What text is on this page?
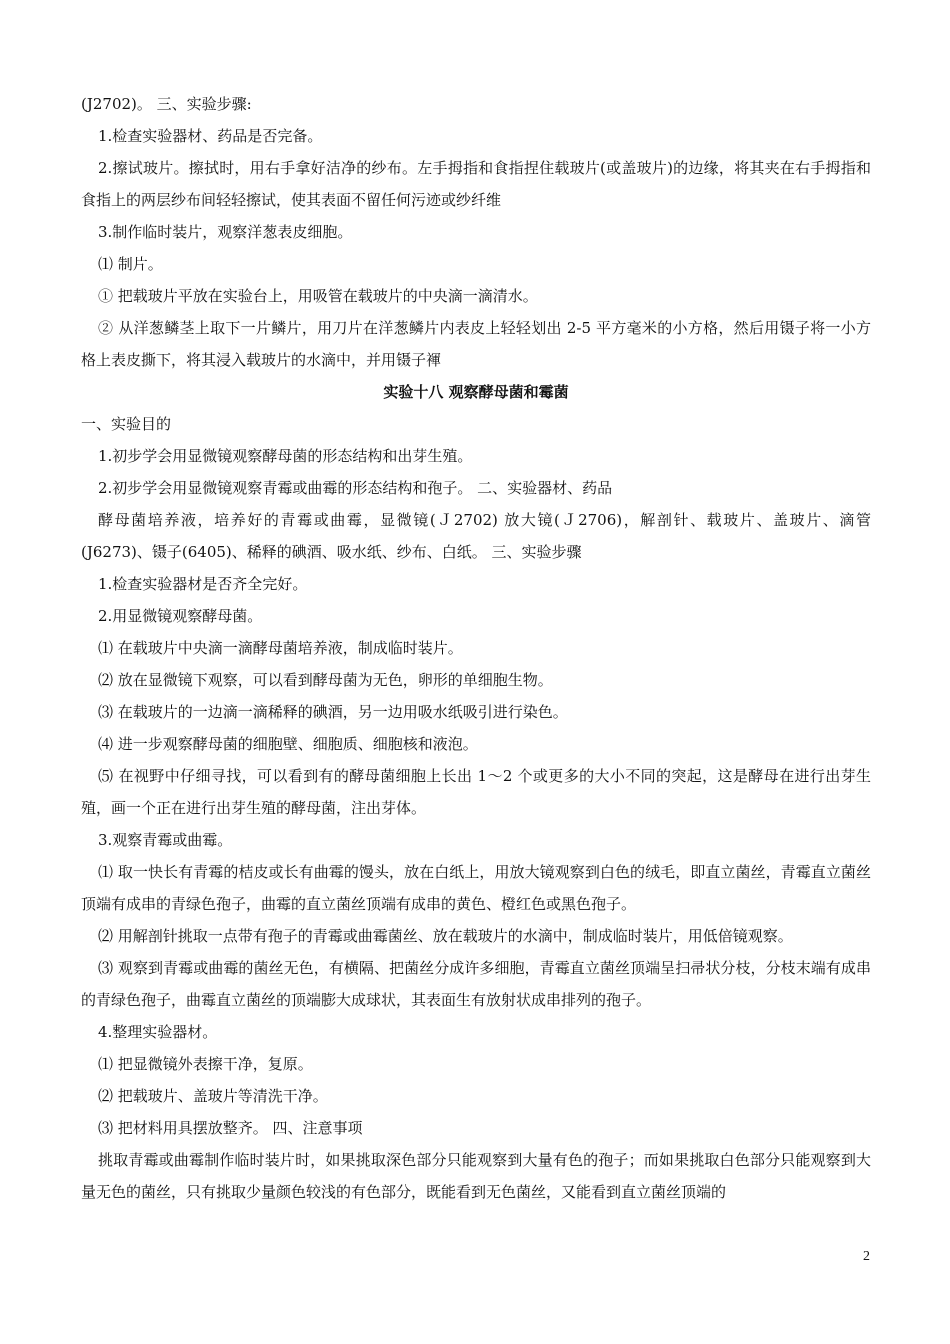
(J2702)。 三、实验步骤:

1.检查实验器材、药品是否完备。

2.擦试玻片。擦拭时，用右手拿好洁净的纱布。左手拇指和食指捏住载玻片(或盖玻片)的边缘，将其夹在右手拇指和食指上的两层纱布间轻轻擦试，使其表面不留任何污迹或纱纤维

3.制作临时装片，观察洋葱表皮细胞。

⑴ 制片。

① 把载玻片平放在实验台上，用吸管在载玻片的中央滴一滴清水。

② 从洋葱鳞茎上取下一片鳞片，用刀片在洋葱鳞片内表皮上轻轻划出 2-5 平方毫米的小方格，然后用镊子将一小方格上表皮撕下，将其浸入载玻片的水滴中，并用镊子褌

实验十八 观察酵母菌和霉菌

一、实验目的

1.初步学会用显微镜观察酵母菌的形态结构和出芽生殖。

2.初步学会用显微镜观察青霉或曲霉的形态结构和孢子。 二、实验器材、药品

酵母菌培养液，培养好的青霉或曲霉，显微镜(Ｊ2702) 放大镜(Ｊ2706)，解剖针、载玻片、盖玻片、滴管(J6273)、镊子(6405)、稀释的碘酒、吸水纸、纱布、白纸。 三、实验步骤

1.检查实验器材是否齐全完好。

2.用显微镜观察酵母菌。

⑴ 在载玻片中央滴一滴酵母菌培养液，制成临时装片。

⑵ 放在显微镜下观察，可以看到酵母菌为无色，卵形的单细胞生物。

⑶ 在载玻片的一边滴一滴稀释的碘酒，另一边用吸水纸吸引进行染色。

⑷ 进一步观察酵母菌的细胞壁、细胞质、细胞核和液泡。

⑸ 在视野中仔细寻找，可以看到有的酵母菌细胞上长出 1～2 个或更多的大小不同的突起，这是酵母在进行出芽生殖，画一个正在进行出芽生殖的酵母菌，注出芽体。

3.观察青霉或曲霉。

⑴ 取一快长有青霉的桔皮或长有曲霉的馒头，放在白纸上，用放大镜观察到白色的绒毛，即直立菌丝，青霉直立菌丝顶端有成串的青绿色孢子，曲霉的直立菌丝顶端有成串的黄色、橙红色或黑色孢子。

⑵ 用解剖针挑取一点带有孢子的青霉或曲霉菌丝、放在载玻片的水滴中，制成临时装片，用低倍镜观察。

⑶ 观察到青霉或曲霉的菌丝无色，有横隔、把菌丝分成许多细胞，青霉直立菌丝顶端呈扫帚状分枝，分枝末端有成串的青绿色孢子，曲霉直立菌丝的顶端膨大成球状，其表面生有放射状成串排列的孢子。

4.整理实验器材。

⑴ 把显微镜外表擦干净，复原。

⑵ 把载玻片、盖玻片等清洗干净。

⑶ 把材料用具摆放整齐。 四、注意事项

挑取青霉或曲霉制作临时装片时，如果挑取深色部分只能观察到大量有色的孢子；而如果挑取白色部分只能观察到大量无色的菌丝，只有挑取少量颜色较浅的有色部分，既能看到无色菌丝，又能看到直立菌丝顶端的

2
